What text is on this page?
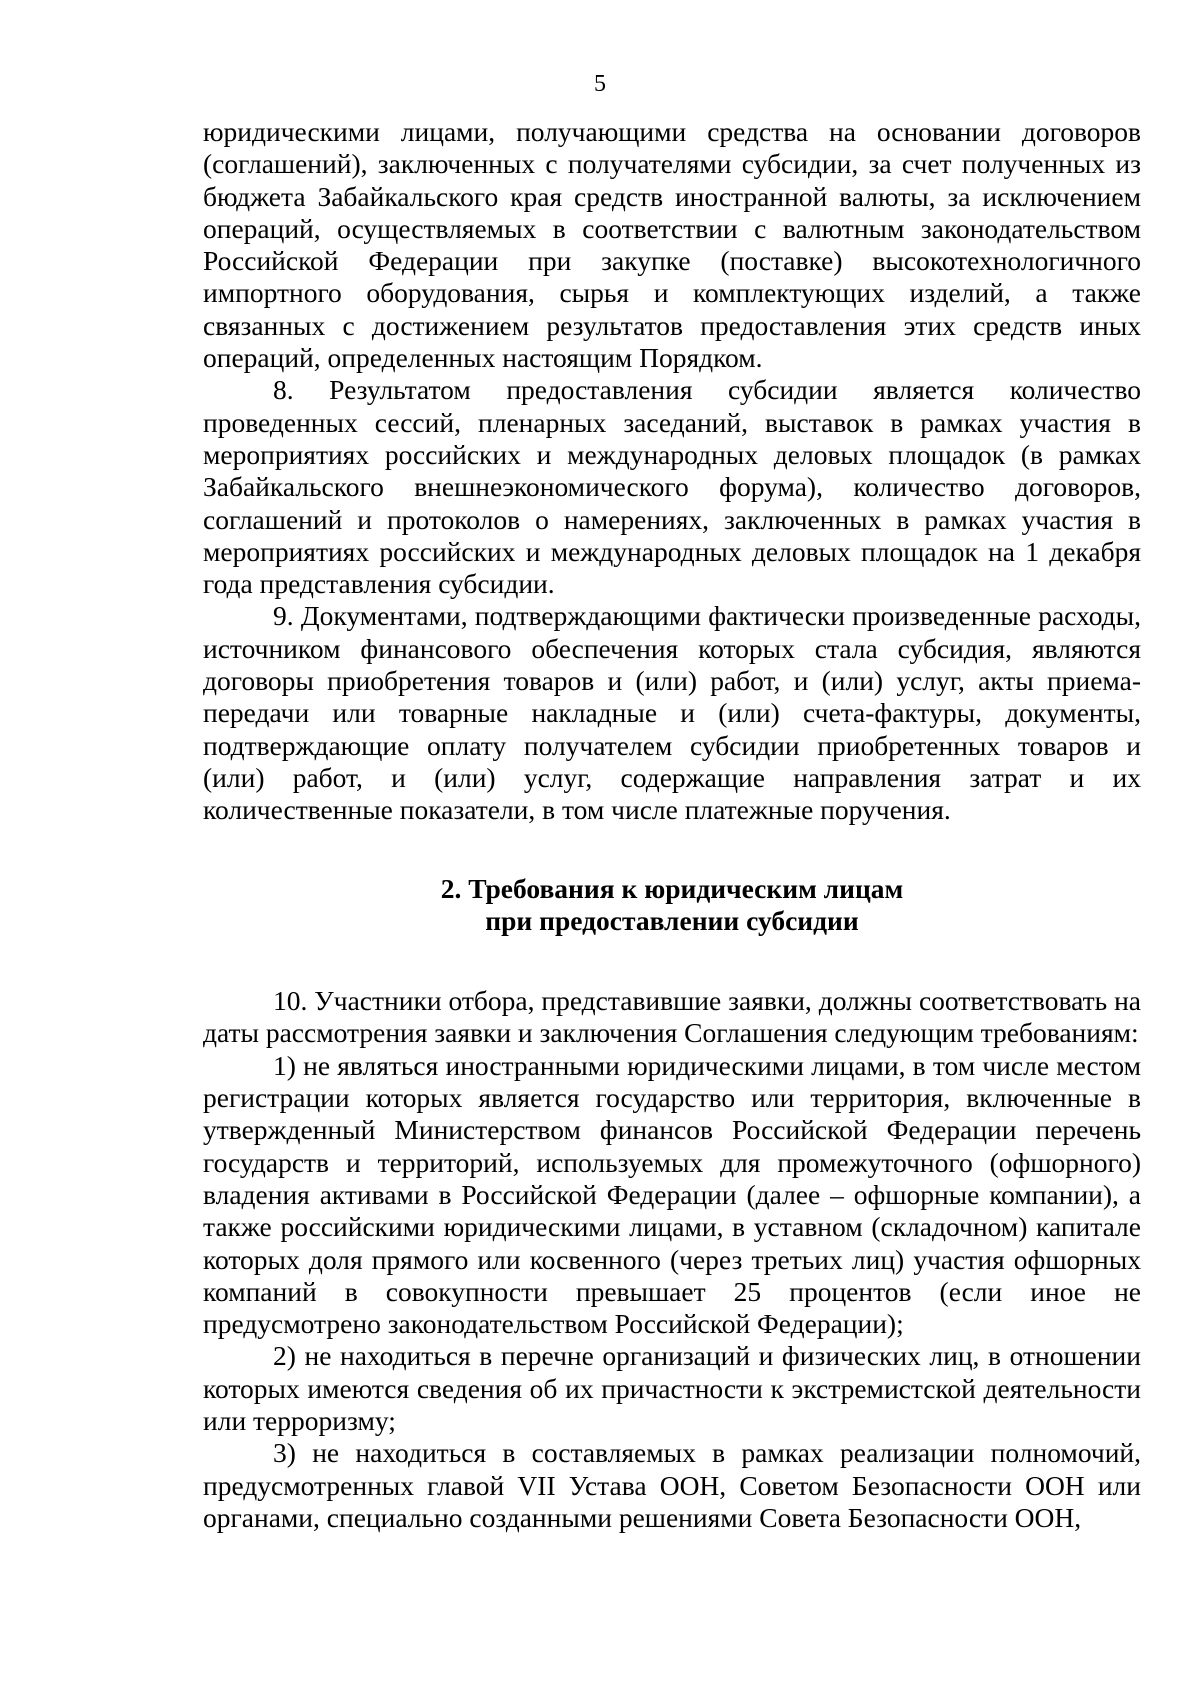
5

юридическими лицами, получающими средства на основании договоров (соглашений), заключенных с получателями субсидии, за счет полученных из бюджета Забайкальского края средств иностранной валюты, за исключением операций, осуществляемых в соответствии с валютным законодательством Российской Федерации при закупке (поставке) высокотехнологичного импортного оборудования, сырья и комплектующих изделий, а также связанных с достижением результатов предоставления этих средств иных операций, определенных настоящим Порядком.

8. Результатом предоставления субсидии является количество проведенных сессий, пленарных заседаний, выставок в рамках участия в мероприятиях российских и международных деловых площадок (в рамках Забайкальского внешнеэкономического форума), количество договоров, соглашений и протоколов о намерениях, заключенных в рамках участия в мероприятиях российских и международных деловых площадок на 1 декабря года представления субсидии.

9. Документами, подтверждающими фактически произведенные расходы, источником финансового обеспечения которых стала субсидия, являются договоры приобретения товаров и (или) работ, и (или) услуг, акты приема-передачи или товарные накладные и (или) счета-фактуры, документы, подтверждающие оплату получателем субсидии приобретенных товаров и (или) работ, и (или) услуг, содержащие направления затрат и их количественные показатели, в том числе платежные поручения.

2. Требования к юридическим лицам
при предоставлении субсидии

10. Участники отбора, представившие заявки, должны соответствовать на даты рассмотрения заявки и заключения Соглашения следующим требованиям:

1) не являться иностранными юридическими лицами, в том числе местом регистрации которых является государство или территория, включенные в утвержденный Министерством финансов Российской Федерации перечень государств и территорий, используемых для промежуточного (офшорного) владения активами в Российской Федерации (далее – офшорные компании), а также российскими юридическими лицами, в уставном (складочном) капитале которых доля прямого или косвенного (через третьих лиц) участия офшорных компаний в совокупности превышает 25 процентов (если иное не предусмотрено законодательством Российской Федерации);

2) не находиться в перечне организаций и физических лиц, в отношении которых имеются сведения об их причастности к экстремистской деятельности или терроризму;

3) не находиться в составляемых в рамках реализации полномочий, предусмотренных главой VII Устава ООН, Советом Безопасности ООН или органами, специально созданными решениями Совета Безопасности ООН,
